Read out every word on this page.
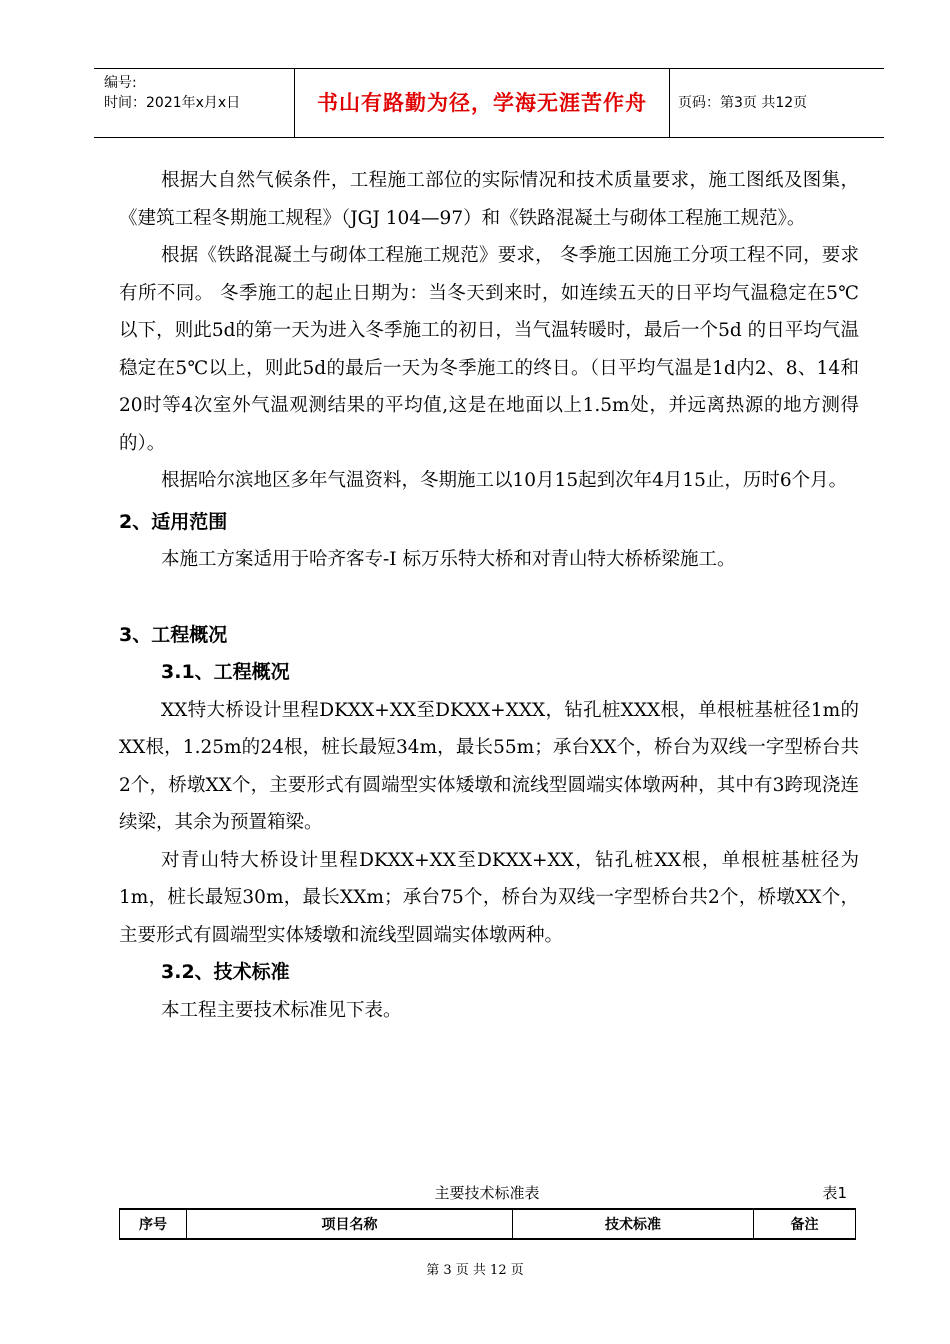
编号:
时间：2021年x月x日	书山有路勤为径，学海无涯苦作舟	页码：第3页 共12页

根据大自然气候条件，工程施工部位的实际情况和技术质量要求，施工图纸及图集，《建筑工程冬期施工规程》（JGJ 104—97）和《铁路混凝土与砌体工程施工规范》。

根据《铁路混凝土与砌体工程施工规范》要求， 冬季施工因施工分项工程不同，要求有所不同。 冬季施工的起止日期为：当冬天到来时，如连续五天的日平均气温稳定在5℃以下，则此5d的第一天为进入冬季施工的初日，当气温转暖时，最后一个5d 的日平均气温稳定在5℃以上，则此5d的最后一天为冬季施工的终日。（日平均气温是1d内2、8、14和20时等4次室外气温观测结果的平均值,这是在地面以上1.5m处，并远离热源的地方测得的）。

根据哈尔滨地区多年气温资料，冬期施工以10月15起到次年4月15止，历时6个月。

2、适用范围

本施工方案适用于哈齐客专-Ⅰ 标万乐特大桥和对青山特大桥桥梁施工。

3、工程概况
3.1、工程概况

XX特大桥设计里程DKXX+XX至DKXX+XXX，钻孔桩XXX根，单根桩基桩径1m的XX根，1.25m的24根，桩长最短34m，最长55m；承台XX个，桥台为双线一字型桥台共2个，桥墩XX个，主要形式有圆端型实体矮墩和流线型圆端实体墩两种，其中有3跨现浇连续梁，其余为预置箱梁。

对青山特大桥设计里程DKXX+XX至DKXX+XX，钻孔桩XX根，单根桩基桩径为1m，桩长最短30m，最长XXm；承台75个，桥台为双线一字型桥台共2个，桥墩XX个，主要形式有圆端型实体矮墩和流线型圆端实体墩两种。

3.2、技术标准

本工程主要技术标准见下表。

主要技术标准表	表1
序号	项目名称	技术标准	备注
第 3 页 共 12 页
